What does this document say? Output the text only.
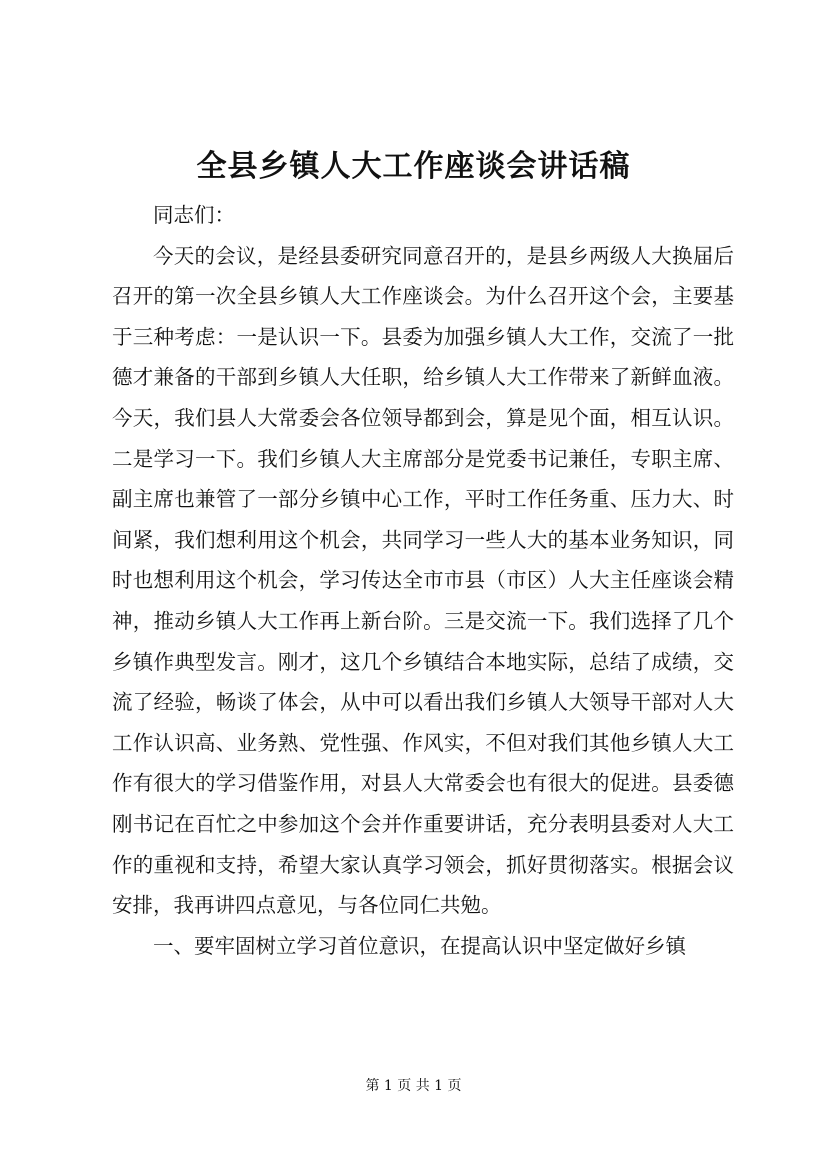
全县乡镇人大工作座谈会讲话稿

同志们：

今天的会议，是经县委研究同意召开的，是县乡两级人大换届后召开的第一次全县乡镇人大工作座谈会。为什么召开这个会，主要基于三种考虑：一是认识一下。县委为加强乡镇人大工作，交流了一批德才兼备的干部到乡镇人大任职，给乡镇人大工作带来了新鲜血液。今天，我们县人大常委会各位领导都到会，算是见个面，相互认识。二是学习一下。我们乡镇人大主席部分是党委书记兼任，专职主席、副主席也兼管了一部分乡镇中心工作，平时工作任务重、压力大、时间紧，我们想利用这个机会，共同学习一些人大的基本业务知识，同时也想利用这个机会，学习传达全市市县（市区）人大主任座谈会精神，推动乡镇人大工作再上新台阶。三是交流一下。我们选择了几个乡镇作典型发言。刚才，这几个乡镇结合本地实际，总结了成绩，交流了经验，畅谈了体会，从中可以看出我们乡镇人大领导干部对人大工作认识高、业务熟、党性强、作风实，不但对我们其他乡镇人大工作有很大的学习借鉴作用，对县人大常委会也有很大的促进。县委德刚书记在百忙之中参加这个会并作重要讲话，充分表明县委对人大工作的重视和支持，希望大家认真学习领会，抓好贯彻落实。根据会议安排，我再讲四点意见，与各位同仁共勉。

一、要牢固树立学习首位意识，在提高认识中坚定做好乡镇

第 1 页 共 1 页
